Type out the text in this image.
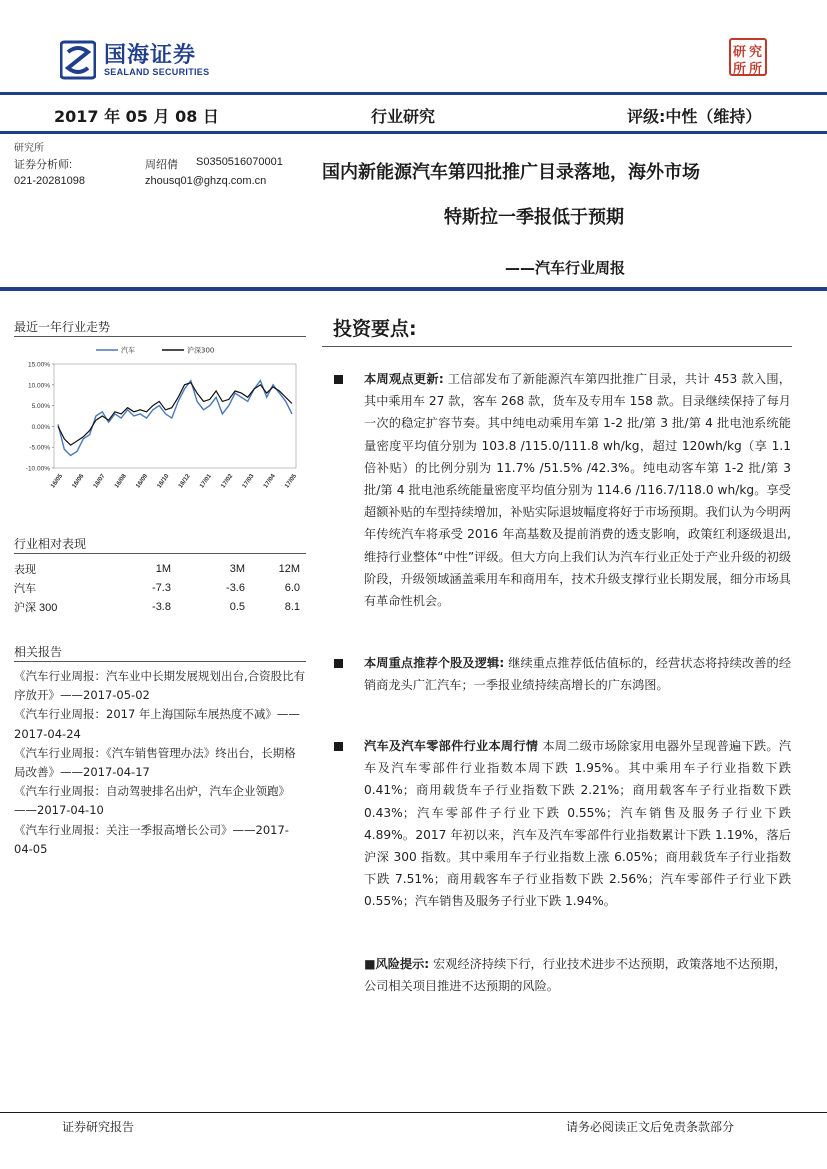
国海证券
SEALAND SECURITIES
研 究
所 所
2017 年 05 月 08 日	行业研究	评级:中性（维持）
研究所
证券分析师:	周绍倩 S0350516070001
021-20281098	zhousq01@ghzq.com.cn	国内新能源汽车第四批推广目录落地，海外市场
特斯拉一季报低于预期
——汽车行业周报
最近一年行业走势
15.00%
10.00%
5.00%
0.00%
-5.00%
-10.00%
16/05 16/06 16/07 16/08 16/09 16/10 16/12 17/01 17/02 17/03 17/04 17/05
汽车	沪深300
行业相对表现
表现	1M	3M	12M
汽车	-7.3	-3.6	6.0
沪深 300	-3.8	0.5	8.1
相关报告

《汽车行业周报：汽车业中长期发展规划出台,合资股比有序放开》——2017-05-02

《汽车行业周报：2017 年上海国际车展热度不减》——2017-04-24

《汽车行业周报：《汽车销售管理办法》终出台，长期格局改善》——2017-04-17

《汽车行业周报：自动驾驶排名出炉，汽车企业领跑》——2017-04-10

《汽车行业周报：关注一季报高增长公司》——2017-04-05

投资要点:
本周观点更新: 工信部发布了新能源汽车第四批推广目录，共计 453 款入围，其中乘用车 27 款，客车 268 款，货车及专用车 158 款。目录继续保持了每月一次的稳定扩容节奏。其中纯电动乘用车第 1-2 批/第 3 批/第 4 批电池系统能量密度平均值分别为 103.8 /115.0/111.8 wh/kg，超过 120wh/kg（享 1.1 倍补贴）的比例分别为 11.7% /51.5% /42.3%。纯电动客车第 1-2 批/第 3 批/第 4 批电池系统能量密度平均值分别为 114.6 /116.7/118.0 wh/kg。享受超额补贴的车型持续增加，补贴实际退坡幅度将好于市场预期。我们认为今明两年传统汽车将承受 2016 年高基数及提前消费的透支影响，政策红利逐级退出,维持行业整体“中性”评级。但大方向上我们认为汽车行业正处于产业升级的初级阶段，升级领域涵盖乘用车和商用车，技术升级支撑行业长期发展，细分市场具有革命性机会。
本周重点推荐个股及逻辑: 继续重点推荐低估值标的，经营状态将持续改善的经销商龙头广汇汽车；一季报业绩持续高增长的广东鸿图。
汽车及汽车零部件行业本周行情 本周二级市场除家用电器外呈现普遍下跌。汽车及汽车零部件行业指数本周下跌 1.95%。其中乘用车子行业指数下跌 0.41%；商用载货车子行业指数下跌 2.21%；商用载客车子行业指数下跌 0.43%；汽车零部件子行业下跌 0.55%；汽车销售及服务子行业下跌 4.89%。2017 年初以来，汽车及汽车零部件行业指数累计下跌 1.19%，落后沪深 300 指数。其中乘用车子行业指数上涨 6.05%；商用载货车子行业指数下跌 7.51%；商用载客车子行业指数下跌 2.56%；汽车零部件子行业下跌 0.55%；汽车销售及服务子行业下跌 1.94%。
■风险提示: 宏观经济持续下行，行业技术进步不达预期，政策落地不达预期，公司相关项目推进不达预期的风险。
证券研究报告	请务必阅读正文后免责条款部分
